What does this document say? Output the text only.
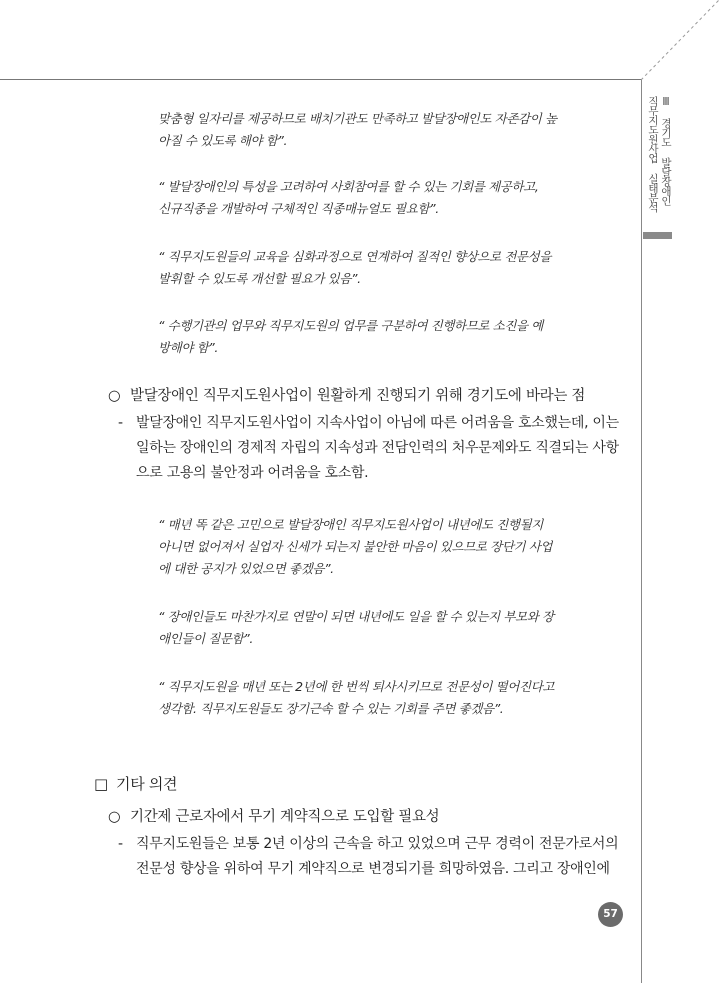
Ⅲ 경기도 발달장애인
직무지도원사업 실태분석
맞춤형 일자리를 제공하므로 배치기관도 만족하고 발달장애인도 자존감이 높
아질 수 있도록 해야 함”.
“ 발달장애인의 특성을 고려하여 사회참여를 할 수 있는 기회를 제공하고,
신규직종을 개발하여 구체적인 직종매뉴얼도 필요함”.
“ 직무지도원들의 교육을 심화과정으로 연계하여 질적인 향상으로 전문성을
발휘할 수 있도록 개선할 필요가 있음”.
“ 수행기관의 업무와 직무지도원의 업무를 구분하여 진행하므로 소진을 예
방해야 함”.
○ 발달장애인 직무지도원사업이 원활하게 진행되기 위해 경기도에 바라는 점
- 발달장애인 직무지도원사업이 지속사업이 아님에 따른 어려움을 호소했는데, 이는
일하는 장애인의 경제적 자립의 지속성과 전담인력의 처우문제와도 직결되는 사항
으로 고용의 불안정과 어려움을 호소함.
“ 매년 똑 같은 고민으로 발달장애인 직무지도원사업이 내년에도 진행될지
아니면 없어져서 실업자 신세가 되는지 불안한 마음이 있으므로 장단기 사업
에 대한 공지가 있었으면 좋겠음”.
“ 장애인들도 마찬가지로 연말이 되면 내년에도 일을 할 수 있는지 부모와 장
애인들이 질문함”.
“ 직무지도원을 매년 또는 2년에 한 번씩 퇴사시키므로 전문성이 떨어진다고
생각함. 직무지도원들도 장기근속 할 수 있는 기회를 주면 좋겠음”.
□ 기타 의견
○ 기간제 근로자에서 무기 계약직으로 도입할 필요성
- 직무지도원들은 보통 2년 이상의 근속을 하고 있었으며 근무 경력이 전문가로서의
전문성 향상을 위하여 무기 계약직으로 변경되기를 희망하였음. 그리고 장애인에
57
